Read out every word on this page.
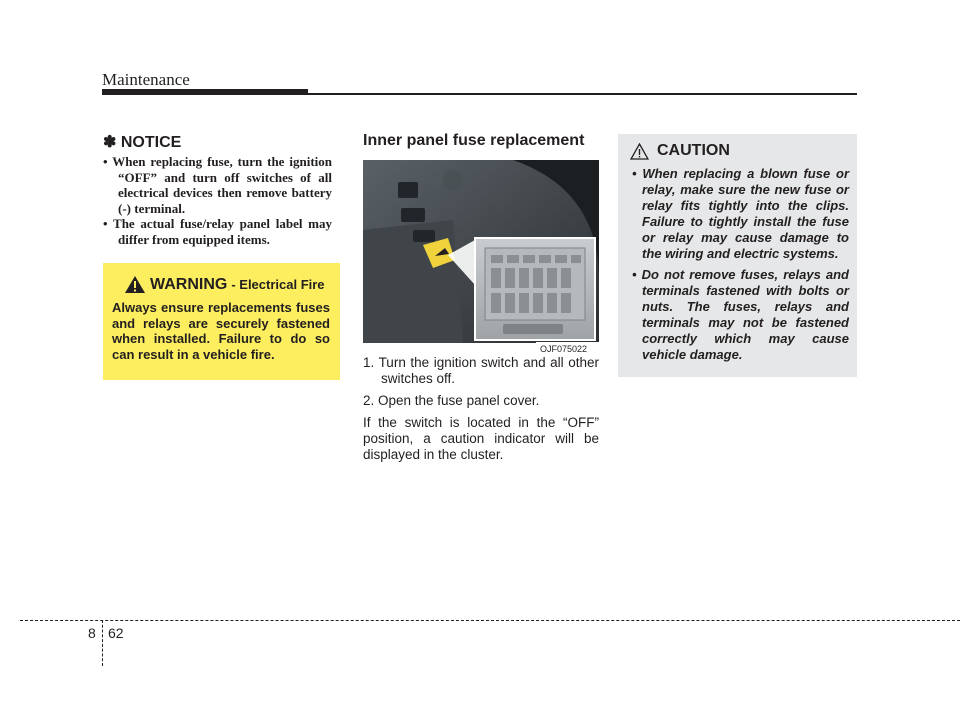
Maintenance
✽ NOTICE
• When replacing fuse, turn the ignition “OFF” and turn off switches of all electrical devices then remove battery (-) terminal.
• The actual fuse/relay panel label may differ from equipped items.
WARNING - Electrical Fire
Always ensure replacements fuses and relays are securely fastened when installed. Failure to do so can result in a vehicle fire.
Inner panel fuse replacement
OJF075022
1. Turn the ignition switch and all other switches off.
2. Open the fuse panel cover.
If the switch is located in the “OFF” position, a caution indicator will be displayed in the cluster.
CAUTION
• When replacing a blown fuse or relay, make sure the new fuse or relay fits tightly into the clips. Failure to tightly install the fuse or relay may cause damage to the wiring and electric systems.
• Do not remove fuses, relays and terminals fastened with bolts or nuts. The fuses, relays and terminals may not be fastened correctly which may cause vehicle damage.
8 62
